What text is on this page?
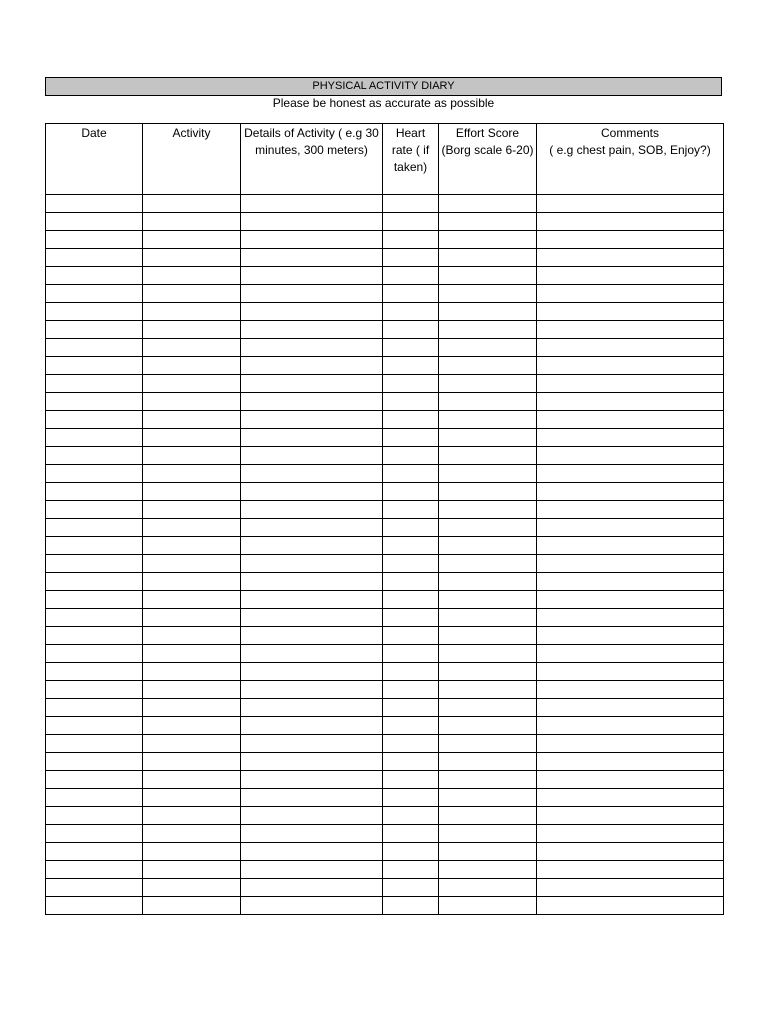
PHYSICAL ACTIVITY DIARY
Please be honest as accurate as possible
Date	Activity	Details of Activity ( e.g 30 minutes, 300 meters)	Heart rate ( if taken)	Effort Score (Borg scale 6-20)	Comments
( e.g chest pain, SOB, Enjoy?)
